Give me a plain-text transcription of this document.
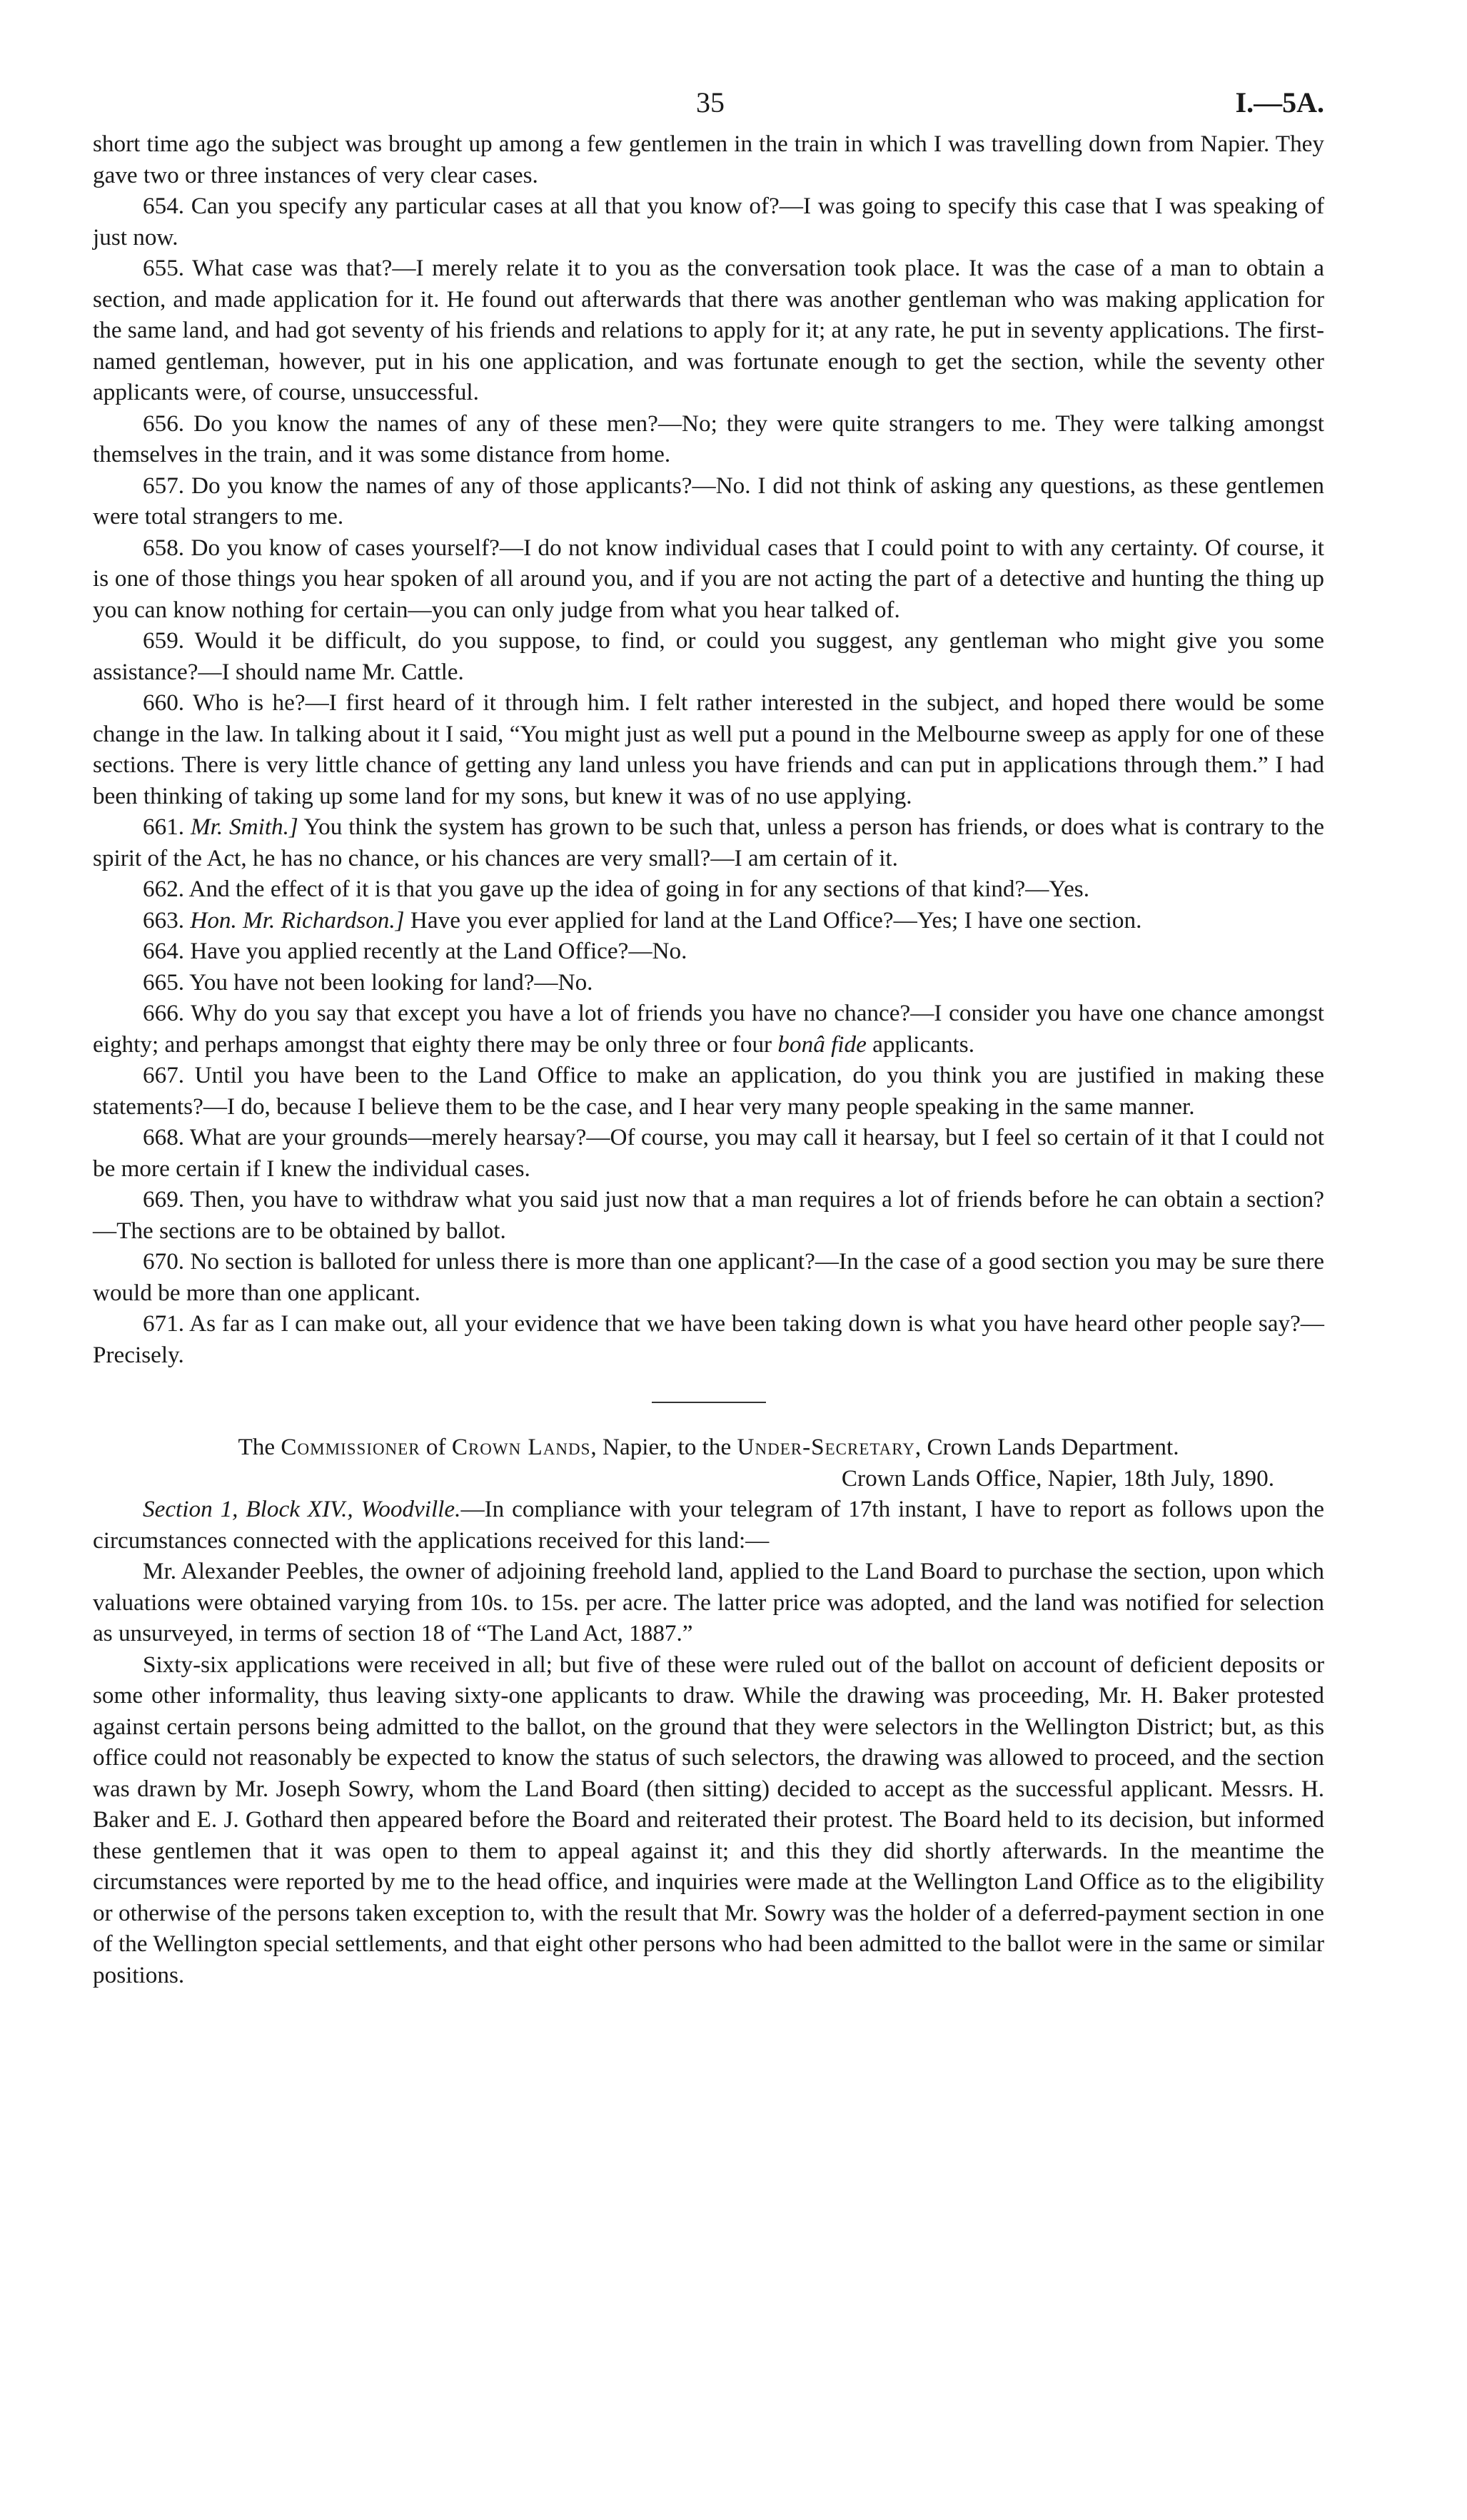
35	I.—5A.

short time ago the subject was brought up among a few gentlemen in the train in which I was travelling down from Napier. They gave two or three instances of very clear cases.

654. Can you specify any particular cases at all that you know of?—I was going to specify this case that I was speaking of just now.

655. What case was that?—I merely relate it to you as the conversation took place. It was the case of a man to obtain a section, and made application for it. He found out afterwards that there was another gentleman who was making application for the same land, and had got seventy of his friends and relations to apply for it; at any rate, he put in seventy applications. The first-named gentleman, however, put in his one application, and was fortunate enough to get the section, while the seventy other applicants were, of course, unsuccessful.

656. Do you know the names of any of these men?—No; they were quite strangers to me. They were talking amongst themselves in the train, and it was some distance from home.

657. Do you know the names of any of those applicants?—No. I did not think of asking any questions, as these gentlemen were total strangers to me.

658. Do you know of cases yourself?—I do not know individual cases that I could point to with any certainty. Of course, it is one of those things you hear spoken of all around you, and if you are not acting the part of a detective and hunting the thing up you can know nothing for certain—you can only judge from what you hear talked of.

659. Would it be difficult, do you suppose, to find, or could you suggest, any gentleman who might give you some assistance?—I should name Mr. Cattle.

660. Who is he?—I first heard of it through him. I felt rather interested in the subject, and hoped there would be some change in the law. In talking about it I said, “You might just as well put a pound in the Melbourne sweep as apply for one of these sections. There is very little chance of getting any land unless you have friends and can put in applications through them.” I had been thinking of taking up some land for my sons, but knew it was of no use applying.

661. Mr. Smith.] You think the system has grown to be such that, unless a person has friends, or does what is contrary to the spirit of the Act, he has no chance, or his chances are very small?—I am certain of it.

662. And the effect of it is that you gave up the idea of going in for any sections of that kind?—Yes.

663. Hon. Mr. Richardson.] Have you ever applied for land at the Land Office?—Yes; I have one section.

664. Have you applied recently at the Land Office?—No.

665. You have not been looking for land?—No.

666. Why do you say that except you have a lot of friends you have no chance?—I consider you have one chance amongst eighty; and perhaps amongst that eighty there may be only three or four bonâ fide applicants.

667. Until you have been to the Land Office to make an application, do you think you are justified in making these statements?—I do, because I believe them to be the case, and I hear very many people speaking in the same manner.

668. What are your grounds—merely hearsay?—Of course, you may call it hearsay, but I feel so certain of it that I could not be more certain if I knew the individual cases.

669. Then, you have to withdraw what you said just now that a man requires a lot of friends before he can obtain a section?—The sections are to be obtained by ballot.

670. No section is balloted for unless there is more than one applicant?—In the case of a good section you may be sure there would be more than one applicant.

671. As far as I can make out, all your evidence that we have been taking down is what you have heard other people say?—Precisely.

The Commissioner of Crown Lands, Napier, to the Under-Secretary, Crown Lands Department.
Crown Lands Office, Napier, 18th July, 1890.

Section 1, Block XIV., Woodville.—In compliance with your telegram of 17th instant, I have to report as follows upon the circumstances connected with the applications received for this land:—

Mr. Alexander Peebles, the owner of adjoining freehold land, applied to the Land Board to purchase the section, upon which valuations were obtained varying from 10s. to 15s. per acre. The latter price was adopted, and the land was notified for selection as unsurveyed, in terms of section 18 of “The Land Act, 1887.”

Sixty-six applications were received in all; but five of these were ruled out of the ballot on account of deficient deposits or some other informality, thus leaving sixty-one applicants to draw. While the drawing was proceeding, Mr. H. Baker protested against certain persons being admitted to the ballot, on the ground that they were selectors in the Wellington District; but, as this office could not reasonably be expected to know the status of such selectors, the drawing was allowed to proceed, and the section was drawn by Mr. Joseph Sowry, whom the Land Board (then sitting) decided to accept as the successful applicant. Messrs. H. Baker and E. J. Gothard then appeared before the Board and reiterated their protest. The Board held to its decision, but informed these gentlemen that it was open to them to appeal against it; and this they did shortly afterwards. In the meantime the circumstances were reported by me to the head office, and inquiries were made at the Wellington Land Office as to the eligibility or otherwise of the persons taken exception to, with the result that Mr. Sowry was the holder of a deferred-payment section in one of the Wellington special settlements, and that eight other persons who had been admitted to the ballot were in the same or similar positions.
